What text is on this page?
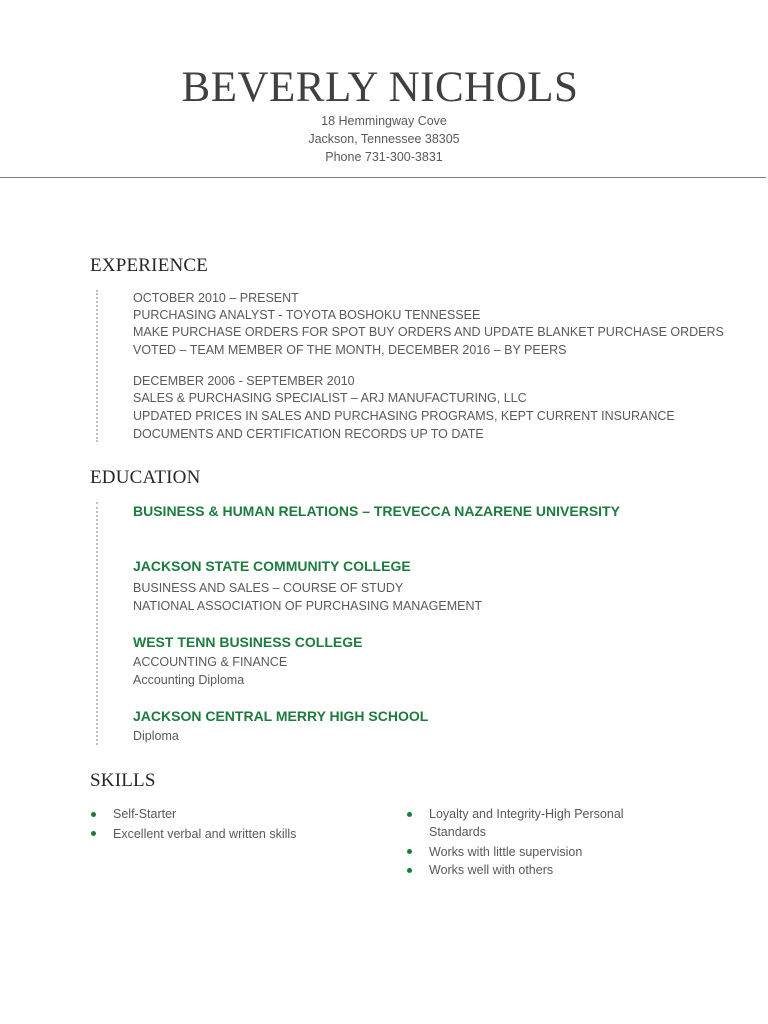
BEVERLY NICHOLS
18 Hemmingway Cove
Jackson, Tennessee 38305
Phone 731-300-3831
EXPERIENCE
OCTOBER 2010 – PRESENT
PURCHASING ANALYST - TOYOTA BOSHOKU TENNESSEE
MAKE PURCHASE ORDERS FOR SPOT BUY ORDERS AND UPDATE BLANKET PURCHASE ORDERS
VOTED – TEAM MEMBER OF THE MONTH, DECEMBER 2016 – BY PEERS
DECEMBER 2006 - SEPTEMBER 2010
SALES & PURCHASING SPECIALIST – ARJ MANUFACTURING, LLC
UPDATED PRICES IN SALES AND PURCHASING PROGRAMS, KEPT CURRENT INSURANCE
DOCUMENTS AND CERTIFICATION RECORDS UP TO DATE
EDUCATION
BUSINESS & HUMAN RELATIONS – TREVECCA NAZARENE UNIVERSITY
JACKSON STATE COMMUNITY COLLEGE
BUSINESS AND SALES – COURSE OF STUDY
NATIONAL ASSOCIATION OF PURCHASING MANAGEMENT
WEST TENN BUSINESS COLLEGE
ACCOUNTING & FINANCE
Accounting Diploma
JACKSON CENTRAL MERRY HIGH SCHOOL
Diploma
SKILLS
Self-Starter
Excellent verbal and written skills
Loyalty and Integrity-High Personal Standards
Works with little supervision
Works well with others
